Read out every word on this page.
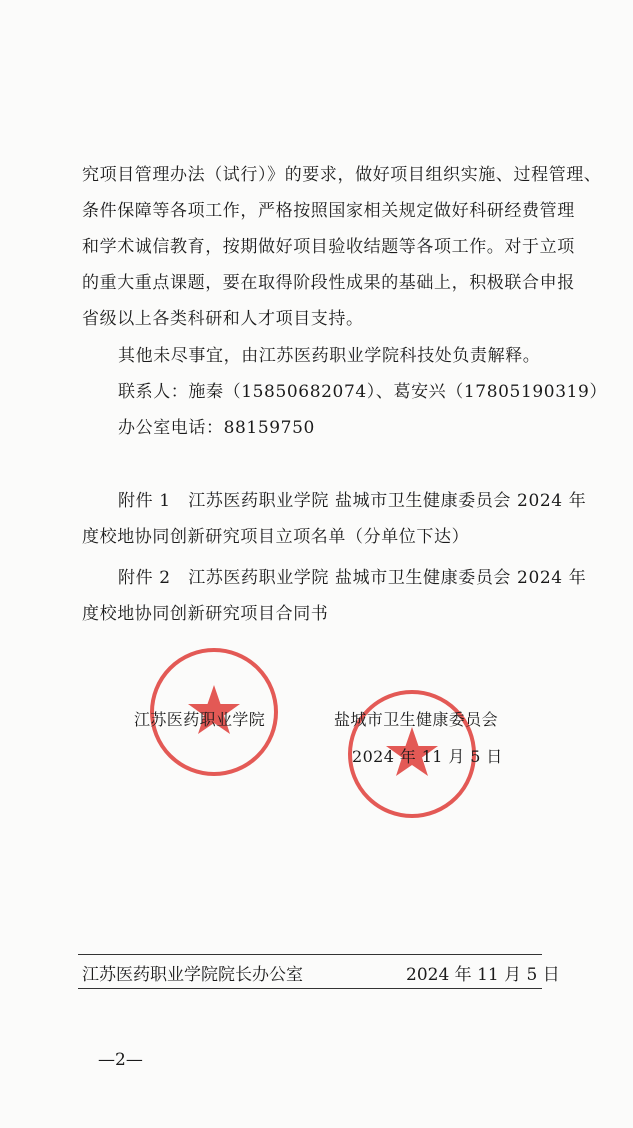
究项目管理办法（试行）》的要求，做好项目组织实施、过程管理、
条件保障等各项工作，严格按照国家相关规定做好科研经费管理
和学术诚信教育，按期做好项目验收结题等各项工作。对于立项
的重大重点课题，要在取得阶段性成果的基础上，积极联合申报
省级以上各类科研和人才项目支持。
其他未尽事宜，由江苏医药职业学院科技处负责解释。
联系人：施秦（15850682074）、葛安兴（17805190319）
办公室电话：88159750
附件 1　江苏医药职业学院 盐城市卫生健康委员会 2024 年
度校地协同创新研究项目立项名单（分单位下达）
附件 2　江苏医药职业学院 盐城市卫生健康委员会 2024 年
度校地协同创新研究项目合同书
江苏医药职业学院	盐城市卫生健康委员会
2024 年 11 月 5 日
江苏医药职业学院院长办公室	2024 年 11 月 5 日
—2—
